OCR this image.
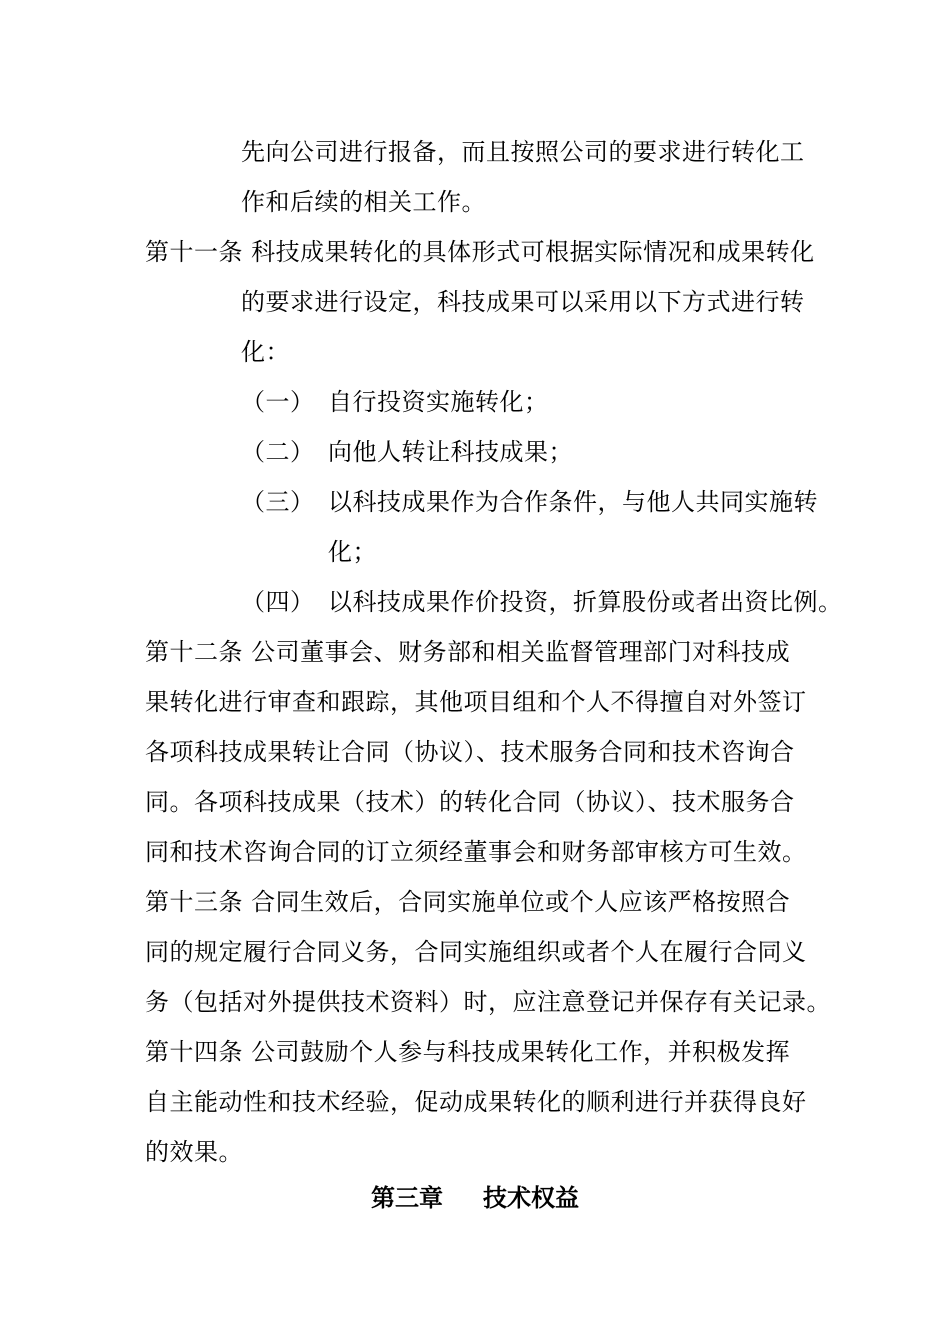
先向公司进行报备，而且按照公司的要求进行转化工
作和后续的相关工作。
第十一条 科技成果转化的具体形式可根据实际情况和成果转化
的要求进行设定，科技成果可以采用以下方式进行转
化：
（一） 自行投资实施转化；
（二） 向他人转让科技成果；
（三） 以科技成果作为合作条件，与他人共同实施转
化；
（四） 以科技成果作价投资，折算股份或者出资比例。
第十二条 公司董事会、财务部和相关监督管理部门对科技成
果转化进行审查和跟踪，其他项目组和个人不得擅自对外签订
各项科技成果转让合同（协议）、技术服务合同和技术咨询合
同。各项科技成果（技术）的转化合同（协议）、技术服务合
同和技术咨询合同的订立须经董事会和财务部审核方可生效。
第十三条 合同生效后，合同实施单位或个人应该严格按照合
同的规定履行合同义务，合同实施组织或者个人在履行合同义
务（包括对外提供技术资料）时，应注意登记并保存有关记录。
第十四条 公司鼓励个人参与科技成果转化工作，并积极发挥
自主能动性和技术经验，促动成果转化的顺利进行并获得良好
的效果。
第三章 技术权益
